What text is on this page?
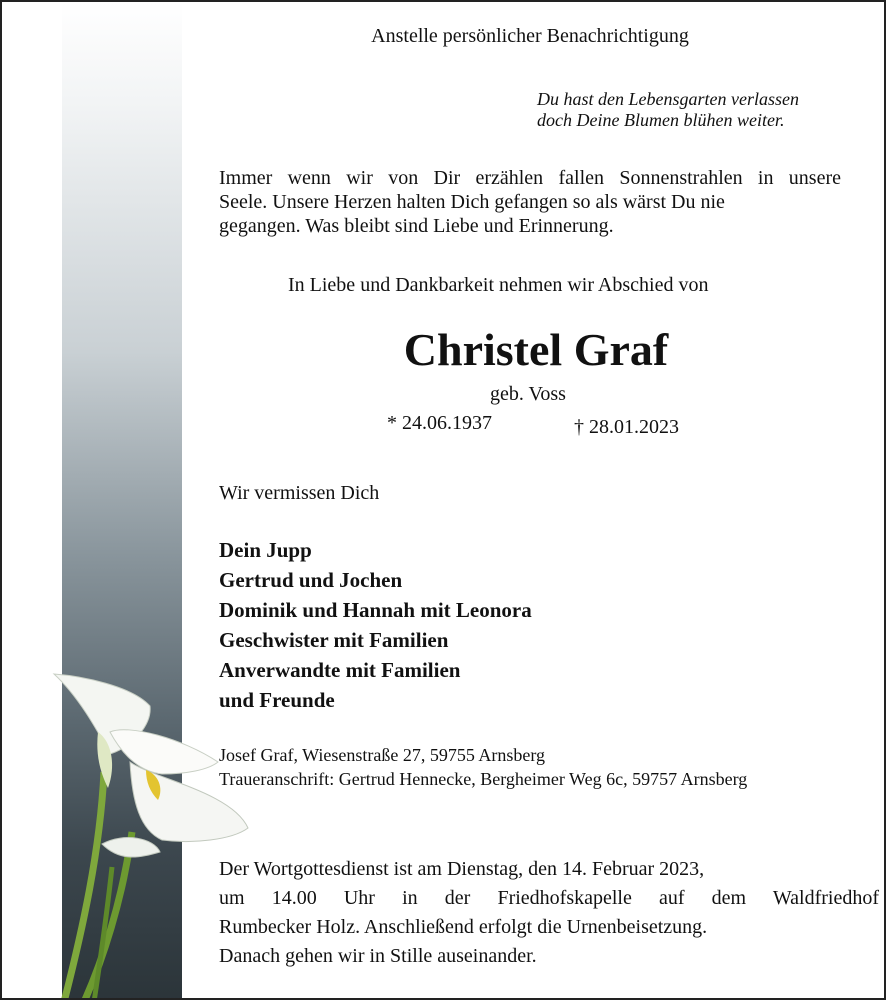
Anstelle persönlicher Benachrichtigung

Du hast den Lebensgarten verlassen

doch Deine Blumen blühen weiter.

Immer wenn wir von Dir erzählen fallen Sonnenstrahlen in unsere
Seele. Unsere Herzen halten Dich gefangen so als wärst Du nie
gegangen. Was bleibt sind Liebe und Erinnerung.

In Liebe und Dankbarkeit nehmen wir Abschied von

Christel Graf

geb. Voss

* 24.06.1937	† 28.01.2023

Wir vermissen Dich

Dein Jupp
Gertrud und Jochen
Dominik und Hannah mit Leonora
Geschwister mit Familien
Anverwandte mit Familien
und Freunde
Josef Graf, Wiesenstraße 27, 59755 Arnsberg
Traueranschrift: Gertrud Hennecke, Bergheimer Weg 6c, 59757 Arnsberg
Der Wortgottesdienst ist am Dienstag, den 14. Februar 2023,
um 14.00 Uhr in der Friedhofskapelle auf dem Waldfriedhof
Rumbecker Holz. Anschließend erfolgt die Urnenbeisetzung.
Danach gehen wir in Stille auseinander.
